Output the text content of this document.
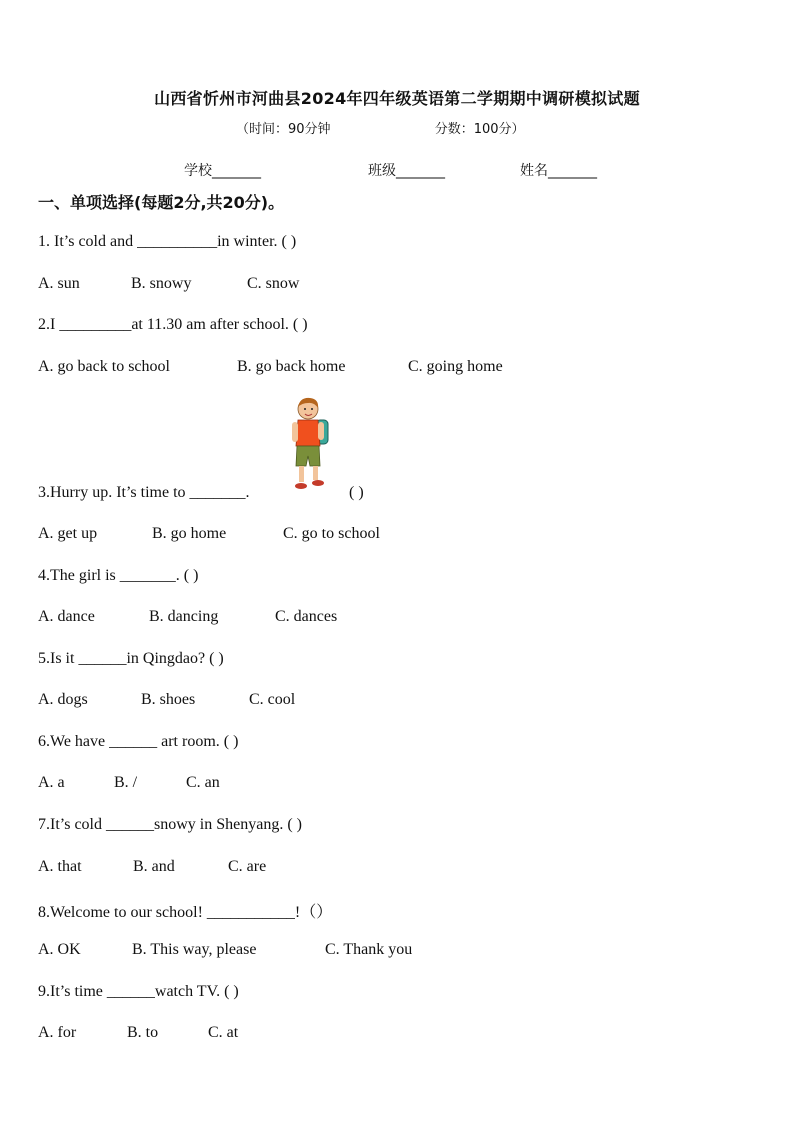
山西省忻州市河曲县2024年四年级英语第二学期期中调研模拟试题
（时间：90分钟	分数：100分）
学校_______	班级_______	姓名_______
一、单项选择(每题2分,共20分)。
1. It’s cold and __________in winter. ( )
A. sun	B. snowy	C. snow
2.I _________at 11.30 am after school. ( )
A. go back to school	B. go back home	C. going home
3.Hurry up. It’s time to _______.	( )
A. get up	B. go home	C. go to school
4.The girl is _______. ( )
A. dance	B. dancing	C. dances
5.Is it ______in Qingdao? ( )
A. dogs	B. shoes	C. cool
6.We have ______ art room. ( )
A. a	B. /	C. an
7.It’s cold ______snowy in Shenyang. ( )
A. that	B. and	C. are
8.Welcome to our school! ___________!（）
A. OK	B. This way, please	C. Thank you
9.It’s time ______watch TV. ( )
A. for	B. to	C. at
